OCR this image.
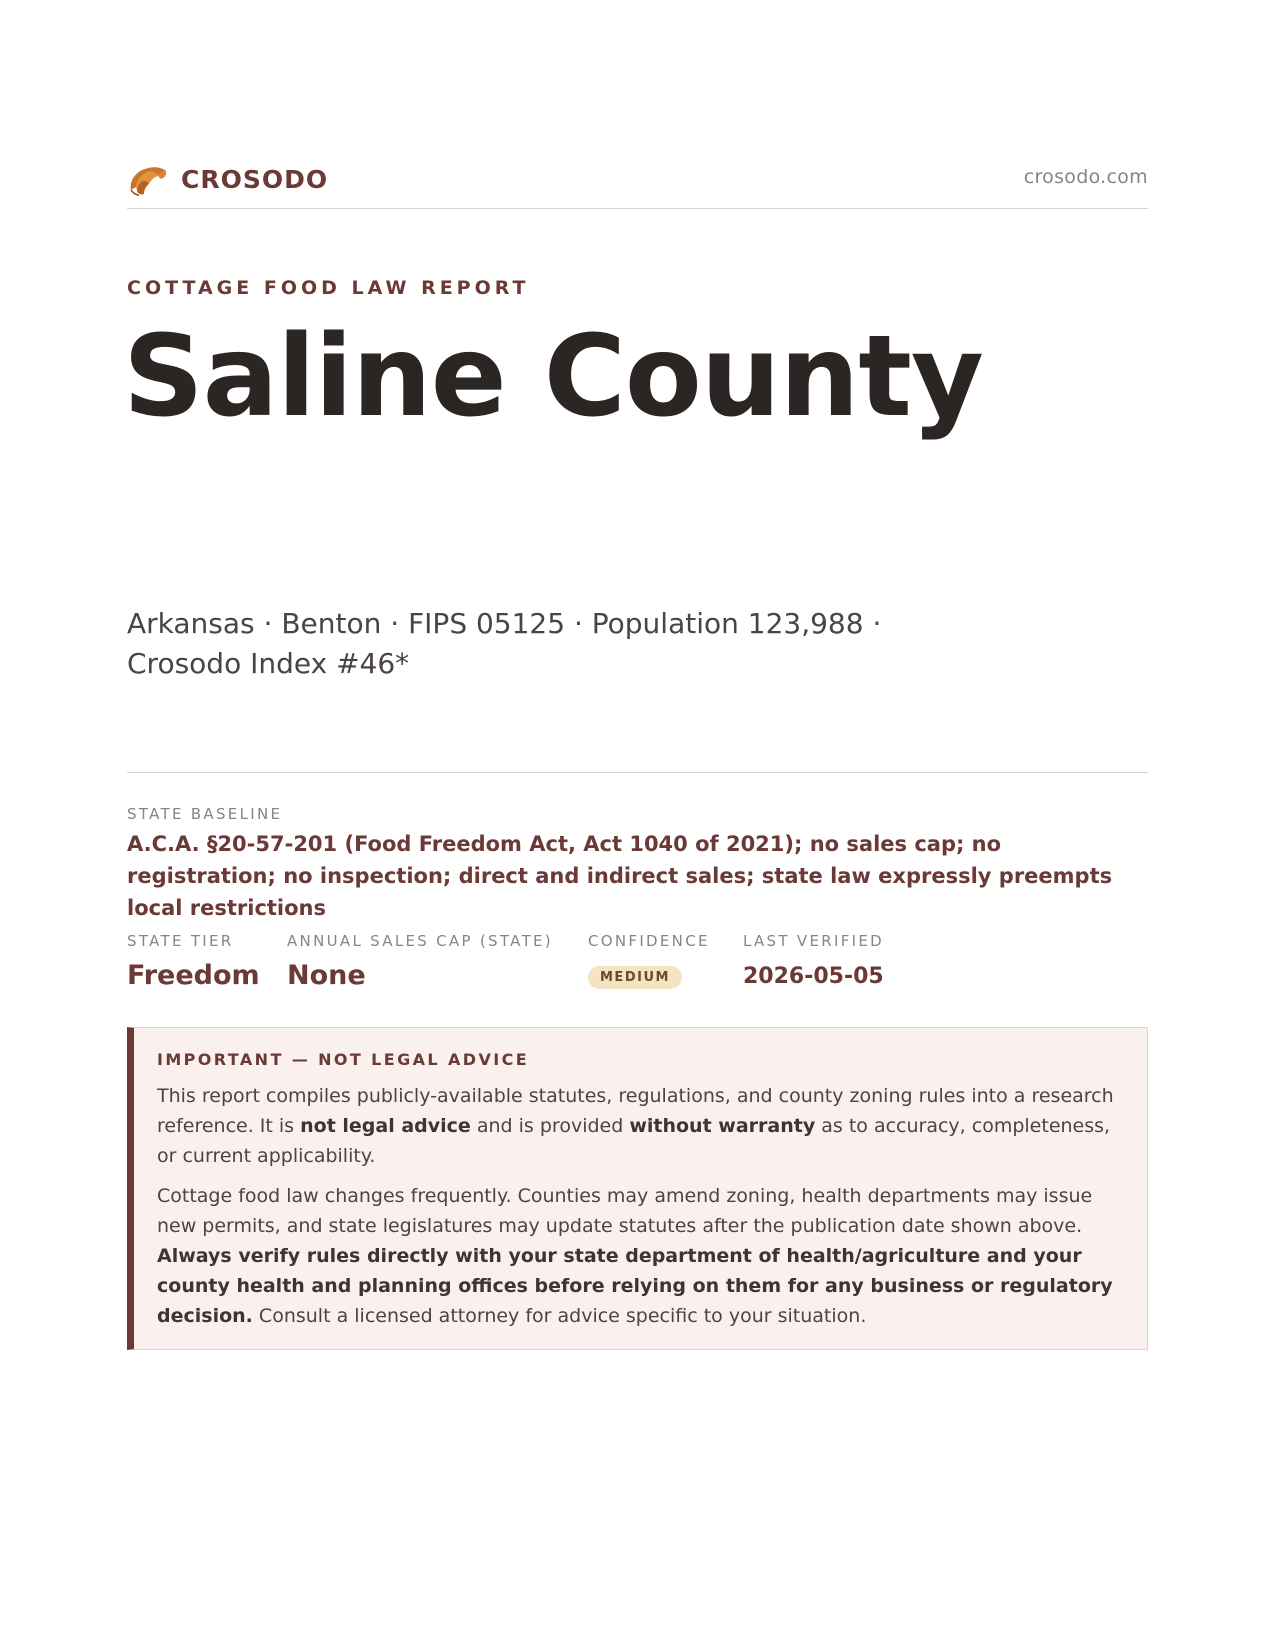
CROSODO	crosodo.com
COTTAGE FOOD LAW REPORT
Saline County
Arkansas · Benton · FIPS 05125 · Population 123,988 ·
Crosodo Index #46*
STATE BASELINE
A.C.A. §20-57-201 (Food Freedom Act, Act 1040 of 2021); no sales cap; no registration; no inspection; direct and indirect sales; state law expressly preempts local restrictions
STATE TIER
Freedom
ANNUAL SALES CAP (STATE)
None
CONFIDENCE
MEDIUM
LAST VERIFIED
2026-05-05
IMPORTANT — NOT LEGAL ADVICE

This report compiles publicly-available statutes, regulations, and county zoning rules into a research reference. It is not legal advice and is provided without warranty as to accuracy, completeness, or current applicability.

Cottage food law changes frequently. Counties may amend zoning, health departments may issue new permits, and state legislatures may update statutes after the publication date shown above. Always verify rules directly with your state department of health/agriculture and your county health and planning offices before relying on them for any business or regulatory decision. Consult a licensed attorney for advice specific to your situation.
